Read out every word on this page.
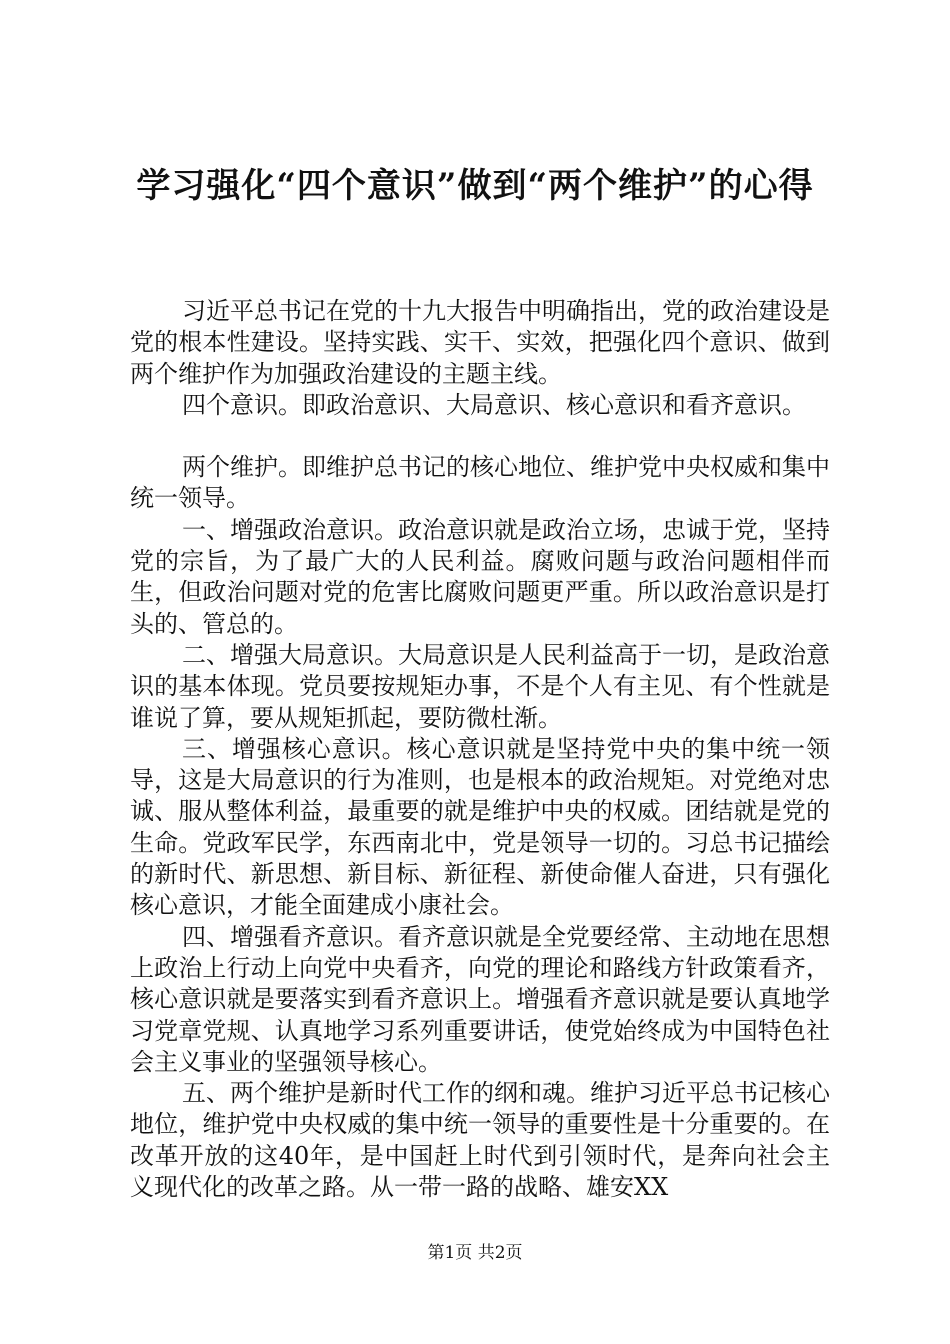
学习强化“四个意识”做到“两个维护”的心得

习近平总书记在党的十九大报告中明确指出，党的政治建设是党的根本性建设。坚持实践、实干、实效，把强化四个意识、做到两个维护作为加强政治建设的主题主线。

四个意识。即政治意识、大局意识、核心意识和看齐意识。

两个维护。即维护总书记的核心地位、维护党中央权威和集中统一领导。

一、增强政治意识。政治意识就是政治立场，忠诚于党，坚持党的宗旨，为了最广大的人民利益。腐败问题与政治问题相伴而生，但政治问题对党的危害比腐败问题更严重。所以政治意识是打头的、管总的。

二、增强大局意识。大局意识是人民利益高于一切，是政治意识的基本体现。党员要按规矩办事，不是个人有主见、有个性就是谁说了算，要从规矩抓起，要防微杜渐。

三、增强核心意识。核心意识就是坚持党中央的集中统一领导，这是大局意识的行为准则，也是根本的政治规矩。对党绝对忠诚、服从整体利益，最重要的就是维护中央的权威。团结就是党的生命。党政军民学，东西南北中，党是领导一切的。习总书记描绘的新时代、新思想、新目标、新征程、新使命催人奋进，只有强化核心意识，才能全面建成小康社会。

四、增强看齐意识。看齐意识就是全党要经常、主动地在思想上政治上行动上向党中央看齐，向党的理论和路线方针政策看齐，核心意识就是要落实到看齐意识上。增强看齐意识就是要认真地学习党章党规、认真地学习系列重要讲话，使党始终成为中国特色社会主义事业的坚强领导核心。

五、两个维护是新时代工作的纲和魂。维护习近平总书记核心地位，维护党中央权威的集中统一领导的重要性是十分重要的。在改革开放的这40年，是中国赶上时代到引领时代，是奔向社会主义现代化的改革之路。从一带一路的战略、雄安XX

第1页 共2页
